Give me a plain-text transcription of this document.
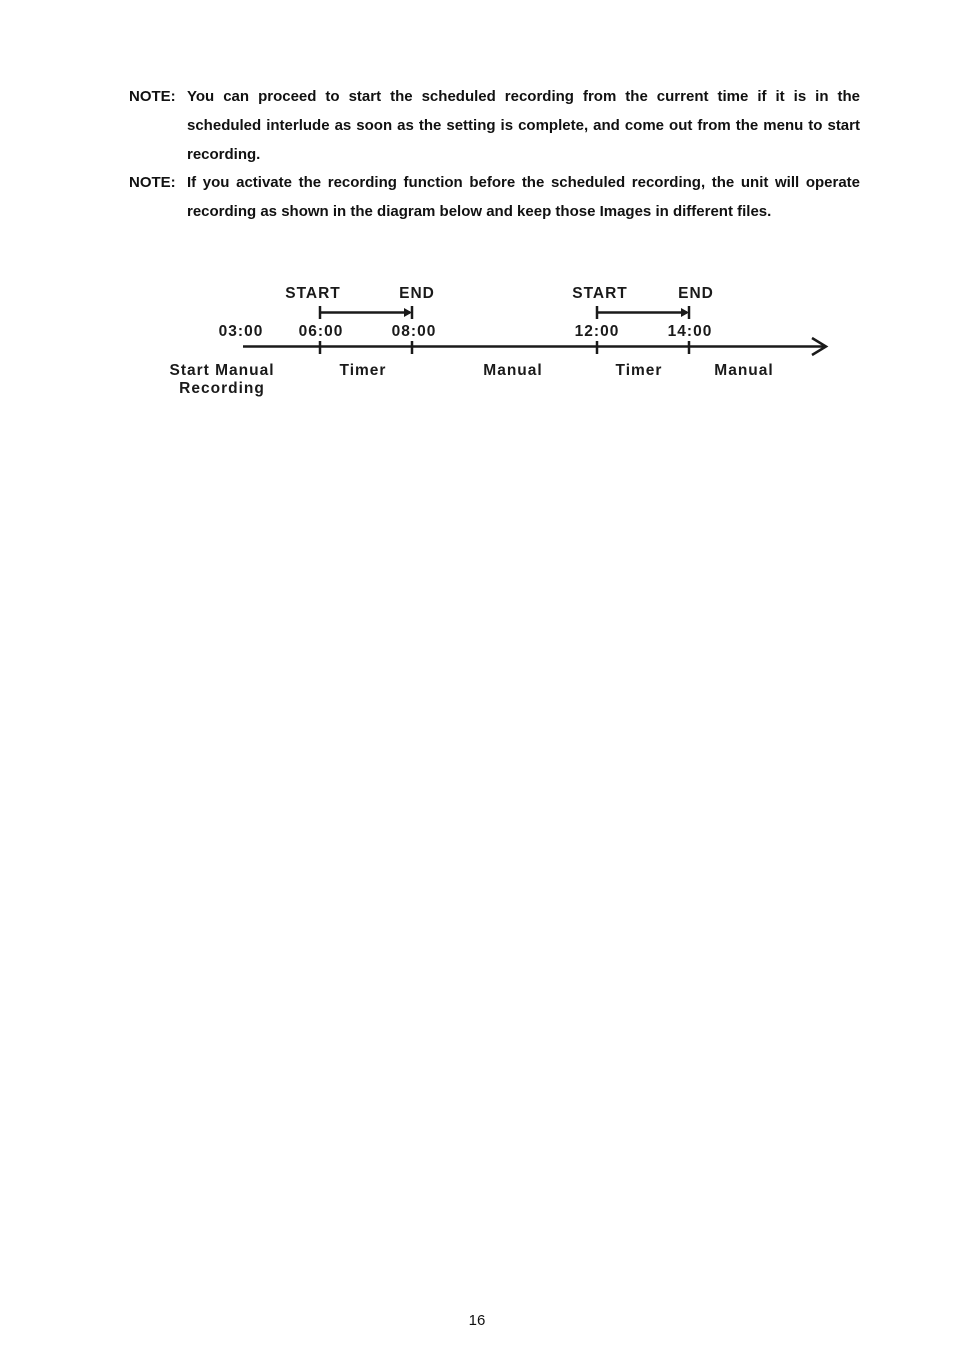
NOTE: You can proceed to start the scheduled recording from the current time if it is in the scheduled interlude as soon as the setting is complete, and come out from the menu to start recording.
NOTE: If you activate the recording function before the scheduled recording, the unit will operate recording as shown in the diagram below and keep those Images in different files.
START	END	START	END
03:00 06:00	08:00	12:00	14:00
Start Manual
Recording
Timer	Manual	Timer	Manual
16
